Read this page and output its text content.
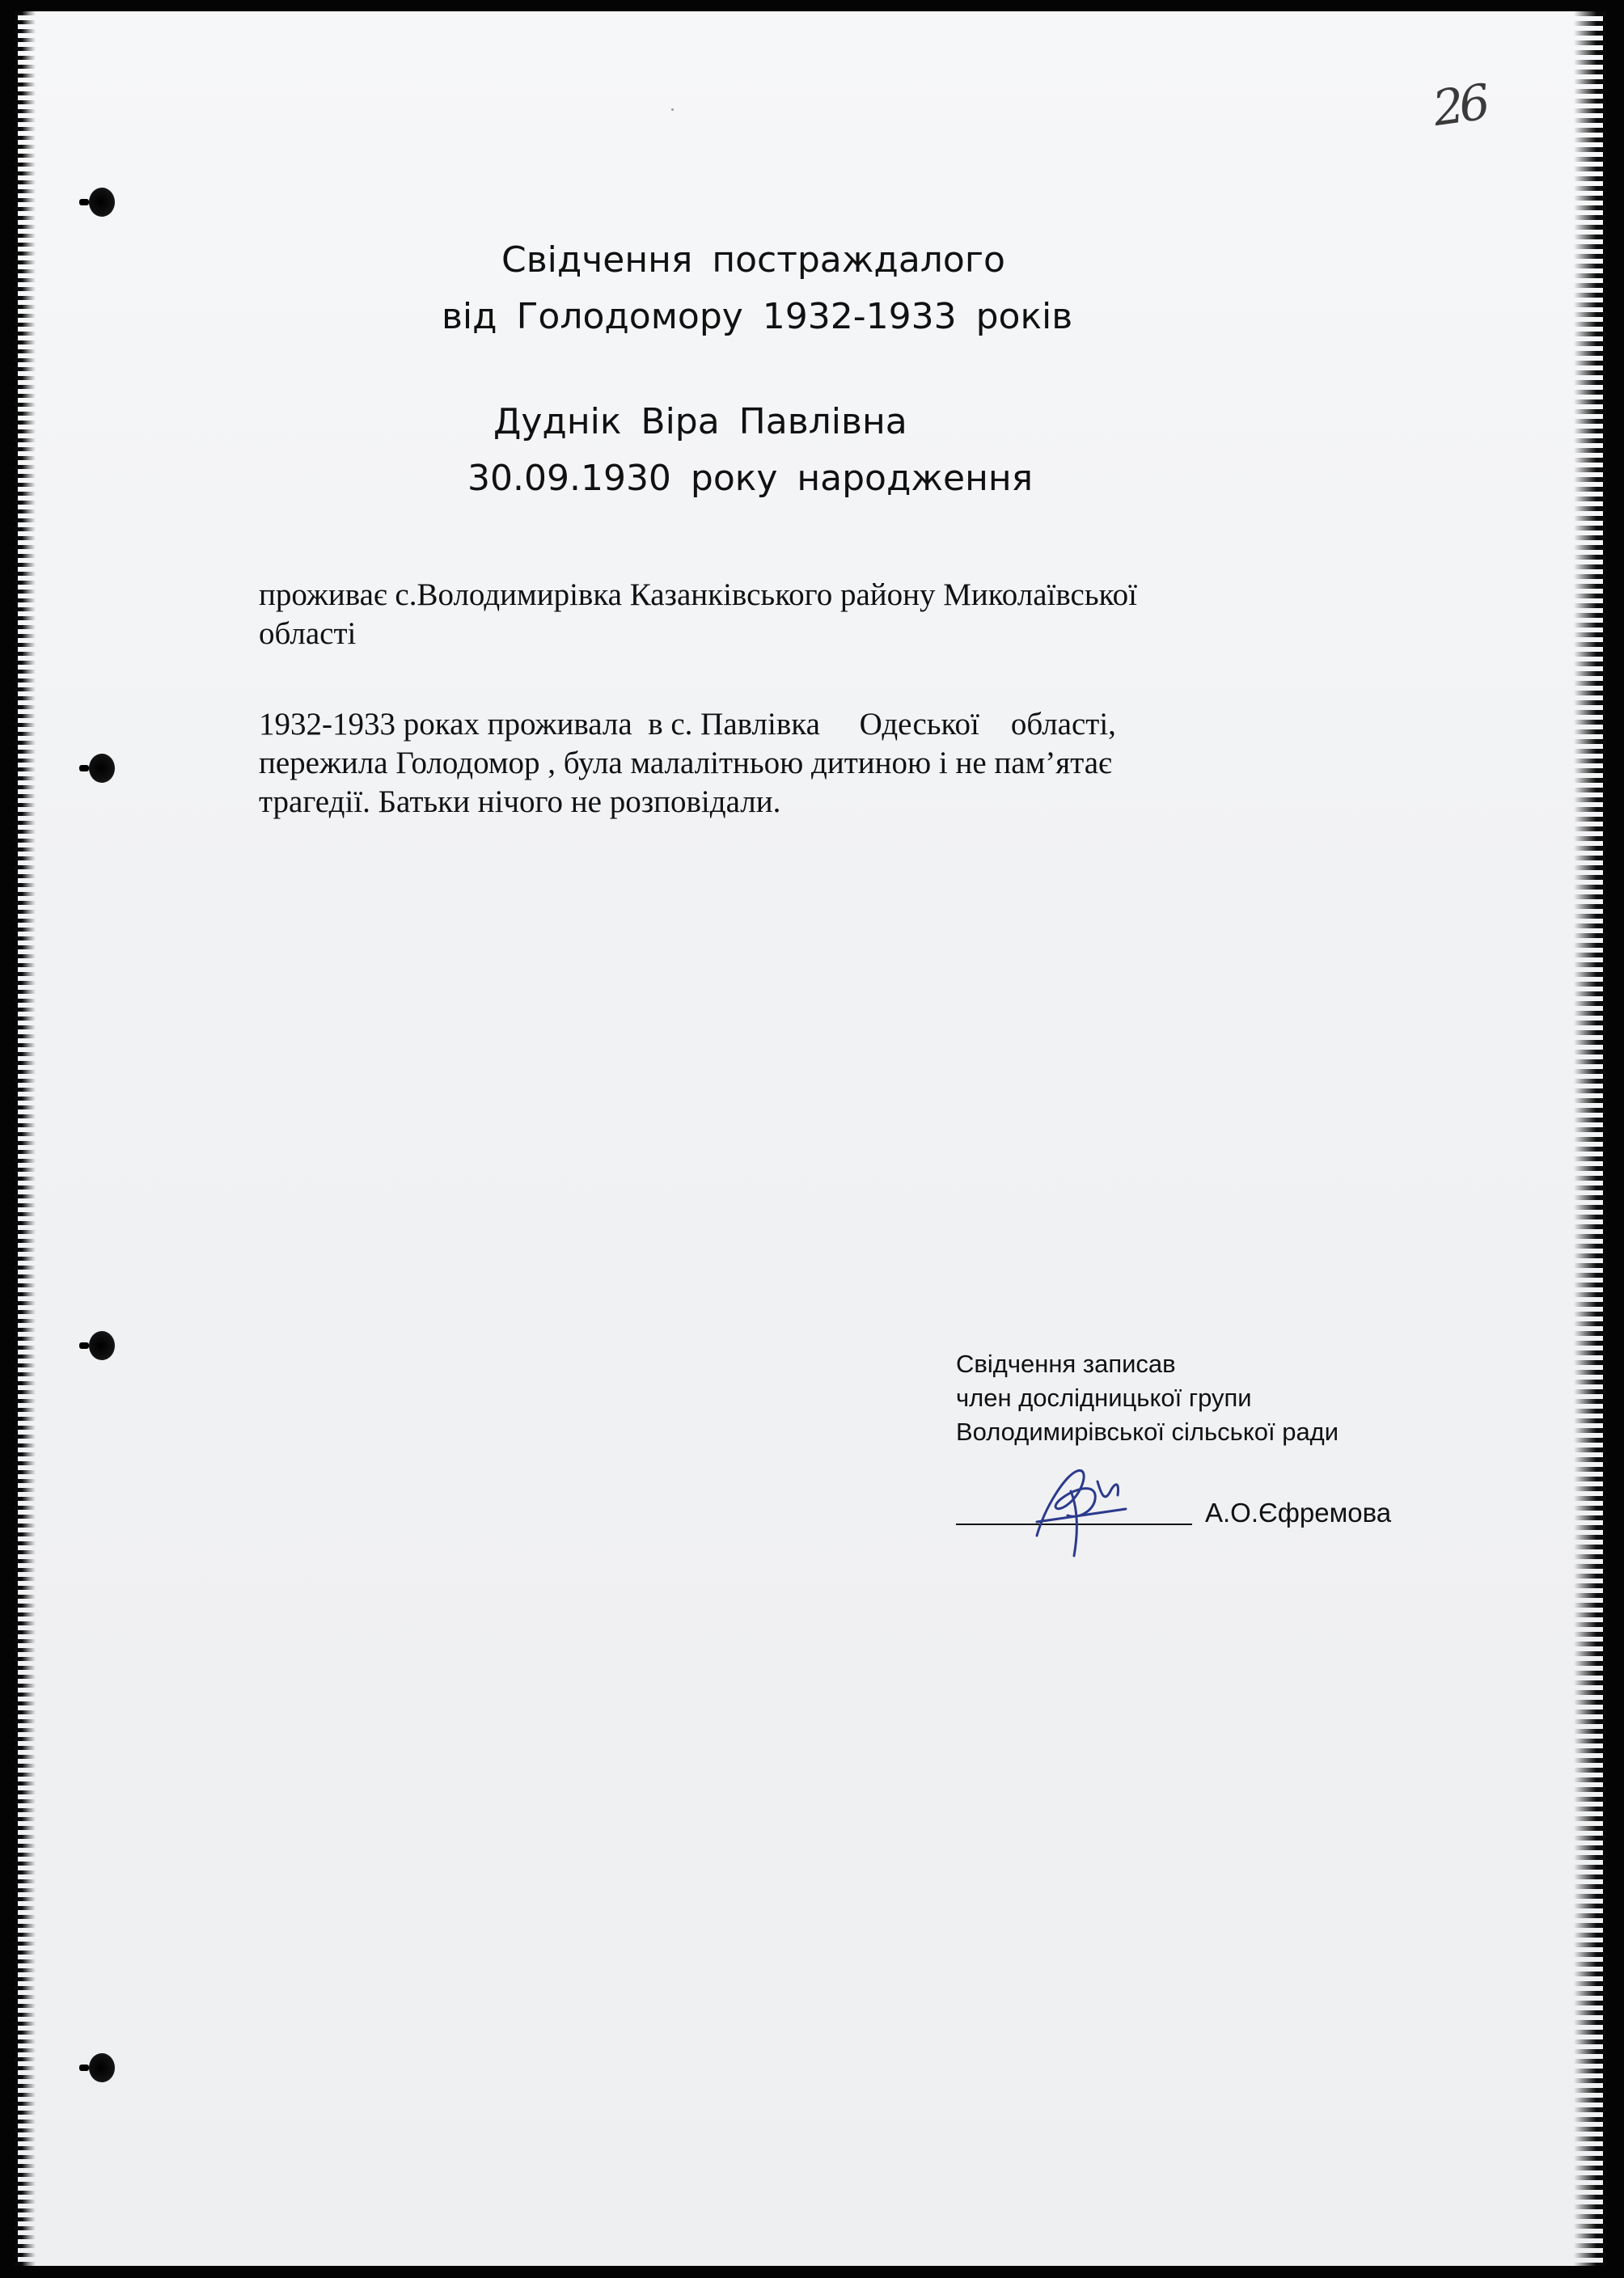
26
Свідчення постраждалого
від Голодомору 1932-1933 років
Дуднік Віра Павлівна
30.09.1930 року народження
проживає с.Володимирівка Казанківського району Миколаївської
області
1932-1933 роках проживала  в с. Павлівка     Одеської    області,
пережила Голодомор , була малалітньою дитиною і не пам’ятає
трагедії. Батьки нічого не розповідали.
Свідчення записав
член дослідницької групи
Володимирівської сільської ради
А.О.Єфремова
